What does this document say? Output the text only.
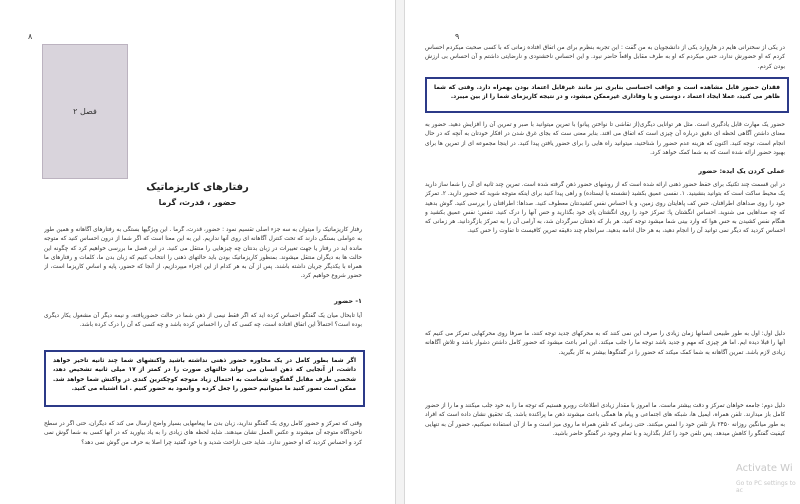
۸
فصل ۲
رفتارهای کاریزماتیک
حضور ، قدرت، گرما
رفتار کاریزماتیک را میتوان به سه جزء اصلی تقسیم نمود : حضور، قدرت، گرما . این ویژگیها بستگی به رفتارهای آگاهانه و همین طور به عواملی بستگی دارند که تحت کنترل آگاهانه ای روی آنها نداریم. این به این معنا است که اگر شما از درون احساس کنید که متوجه مانده اید در رفتار یا جهت تغییرات در زبان بدنتان چه چیزهایی را منتقل می کنید. در این فصل ما بررسی خواهیم کرد که چگونه این حالت ها به دیگران منتقل میشوند. بمنظور کاریزماتیک بودن باید حالتهای ذهنی را انتخاب کنیم که زبان بدن ما، کلمات و رفتارهای ما همراه با یکدیگر جریان داشته باشند. پس از آن به هر کدام از این اجزاء میپردازیم، از آنجا که حضور، پایه و اساس کاریزما است، از حضور شروع خواهیم کرد.
۱- حضور
آیا تابحال میان یک گفتگو احساس کرده اید که اگر فقط نیمی از ذهن شما در حالت حضوریافته، و نیمه دیگر آن مشغول یکار دیگری بوده است؟ احتمالاً این اتفاق افتاده است، چه کسی که آن را احساس کرده باشد و چه کسی که آن را درک کرده باشد.
اگر شما بطور کامل در یک محاوره حضور ذهنی نداشته باشید واکنشهای شما چند ثانیه تاخیر خواهد داشت، از آنجایی که ذهن انسان می تواند حالتهای صورت را در کمتر از ۱۷ میلی ثانیه تشخیص دهد، شخصی طرف مقابل گفتگوی شماست به احتمال زیاد متوجه کوچکترین کندی در واکنش شما خواهد شد. ممکن است تصور کنید ما میتوانیم حضور را جعل کرده و وانمود به حضور کنیم . اما اشتباه می کنید.
وقتی که تمرکز و حضور کامل روی یک گفتگو ندارید، زبان بدن ما پیغامهایی بسیار واضح ارسال می کند که دیگران، حتی اگر در سطح ناخودآگاه متوجه آن میشوند و عکس العمل نشان میدهند. شاید لحظه های زیادی را به یاد بیاورید که در آنها کسی به شما گوش نمی کرد و احساس کردید که او حضور ندارد. شاید حتی ناراحت شدید و با خود گفتید چرا اصلا به حرف من گوش نمی دهد؟
۹
در یکی از سخنرانی هایم در هاروارد یکی از دانشجویان به من گفت : این تجربه بنظرم برای من اتفاق افتاده زمانی که با کسی صحبت میکردم احساس کردم که او حضورش ندارد، حس میکردم که او به طرف مقابل واقعاً حاضر نبود. و این احساس ناخشنودی و نارضایتی داشتم و آن احساس بی ارزش بودن کردم.
فقدان حضور قابل مشاهده است و عواقب احساسی بنابری نیز مانند غیرقابل اعتماد بودن بهمراه دارد. وقتی که شما ظاهر می کنید، عملا ایجاد اعتماد ، دوستی و یا وفاداری غیرممکن میشود، و در نتیجه کاریزمای شما را از بین میبرد.
حضور یک مهارت قابل یادگیری است. مثل هر توانایی دیگری(از نقاشی تا نواختن پیانو) با تمرین میتوانید با صبر و تمرین آن را افزایش دهید. حضور به معنای داشتن آگاهی لحظه ای دقیق درباره آن چیزی است که اتفاق می افتد. بنابر معنی ست که بجای غرق شدن در افکار خودتان به آنچه که در حال انجام است، توجه کنید. اکنون که هزینه عدم حضور را شناختید، میتوانید راه هایی را برای حضور یافتن پیدا کنید. در اینجا مجموعه ای از تمرین ها برای بهبود حضور ارائه شده است که به شما کمک خواهد کرد.
عملی کردن یک ایده: حضور
در این قسمت چند تکنیک برای حفظ حضور ذهنی ارائه شده است که از روشهای حضور ذهن گرفته شده است. تمرین چند ثانیه ای آن را شما ساز دارید یک محیط ساکت است که بتوانید بنشینید. ۱. نفسی عمیق بکشید (نشسته یا ایستاده) و راهی پیدا کنید برای اینکه متوجه شوید که حضور دارید. ۲. تمرکز خود را روی صداهای اطرافتان، حس کف پاهایتان روی زمین، و یا احساس نفس کشیدنتان معطوف کنید. صداها: اطرافتان را بررسی کنید. گوش بدهید که چه صداهایی می شنوید. احساس انگشتان پا: تمرکز خود را روی انگشتان پای خود بگذارید و حس آنها را درک کنید. تنفس: نفس عمیق بکشید و هنگام نفس کشیدن به حس هوا که وارد بینی شما میشود توجه کنید. هر بار که ذهنتان سرگردان شد، به آرامی آن را به تمرکز بازگردانید. هر زمانی که احساس کردید که دیگر نمی توانید آن را انجام دهید، به هر حال ادامه بدهید. سرانجام چند دقیقه تمرین کافیست تا تفاوت را حس کنید.
دلیل اول: اول به طور طبیعی انسانها زمان زیادی را صرف این نمی کنند که به محرکهای جدید توجه کنند، ما صرفا روی محرکهایی تمرکز می کنیم که آنها را قبلا دیده ایم. اما هر چیزی که مهم و جدید باشد توجه ما را جلب میکند. این امر باعث میشود که حضور کامل داشتن دشوار باشد و تلاش آگاهانه زیادی لازم باشد. تمرین آگاهانه به شما کمک میکند که حضور را در گفتگوها بیشتر به کار بگیرید.
دلیل دوم: جامعه خواهان تمرکز و دقت بیشتر ماست. ما امروز با مقدار زیادی اطلاعات روبرو هستیم که توجه ما را به خود جلب میکنند و ما را از حضور کامل باز میدارند. تلفن همراه، ایمیل ها، شبکه های اجتماعی و پیام ها همگی باعث میشوند ذهن ما پراکنده باشد. یک تحقیق نشان داده است که افراد به طور میانگین روزانه ۲۴۵۰ بار تلفن خود را لمس میکنند. حتی زمانی که تلفن همراه ما روی میز است و ما از آن استفاده نمیکنیم، حضور آن به تنهایی کیفیت گفتگو را کاهش میدهد. پس تلفن خود را کنار بگذارید و با تمام وجود در گفتگو حاضر باشید.
Activate Wi
Go to PC settings to ac
